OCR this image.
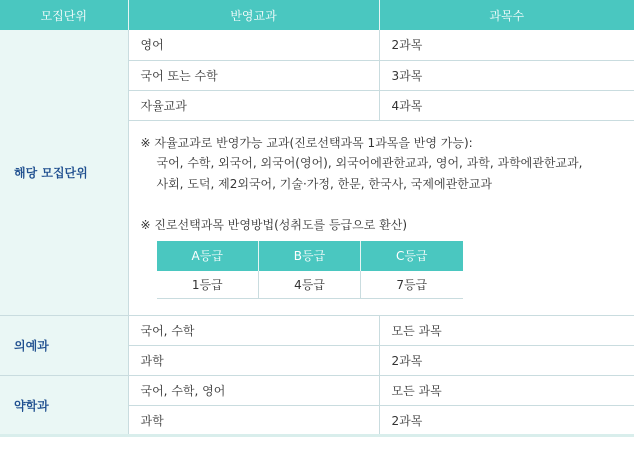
모집단위	반영교과	과목수
해당 모집단위	영어	2과목
국어 또는 수학	3과목
자율교과	4과목

※ 자율교과로 반영가능 교과(진로선택과목 1과목을 반영 가능):
국어, 수학, 외국어, 외국어(영어), 외국어에관한교과, 영어, 과학, 과학에관한교과,
사회, 도덕, 제2외국어, 기술·가정, 한문, 한국사, 국제에관한교과
※ 진로선택과목 반영방법(성취도를 등급으로 환산)
A등급	B등급	C등급
1등급	4등급	7등급

의예과	국어, 수학	모든 과목
과학	2과목
약학과	국어, 수학, 영어	모든 과목
과학	2과목
